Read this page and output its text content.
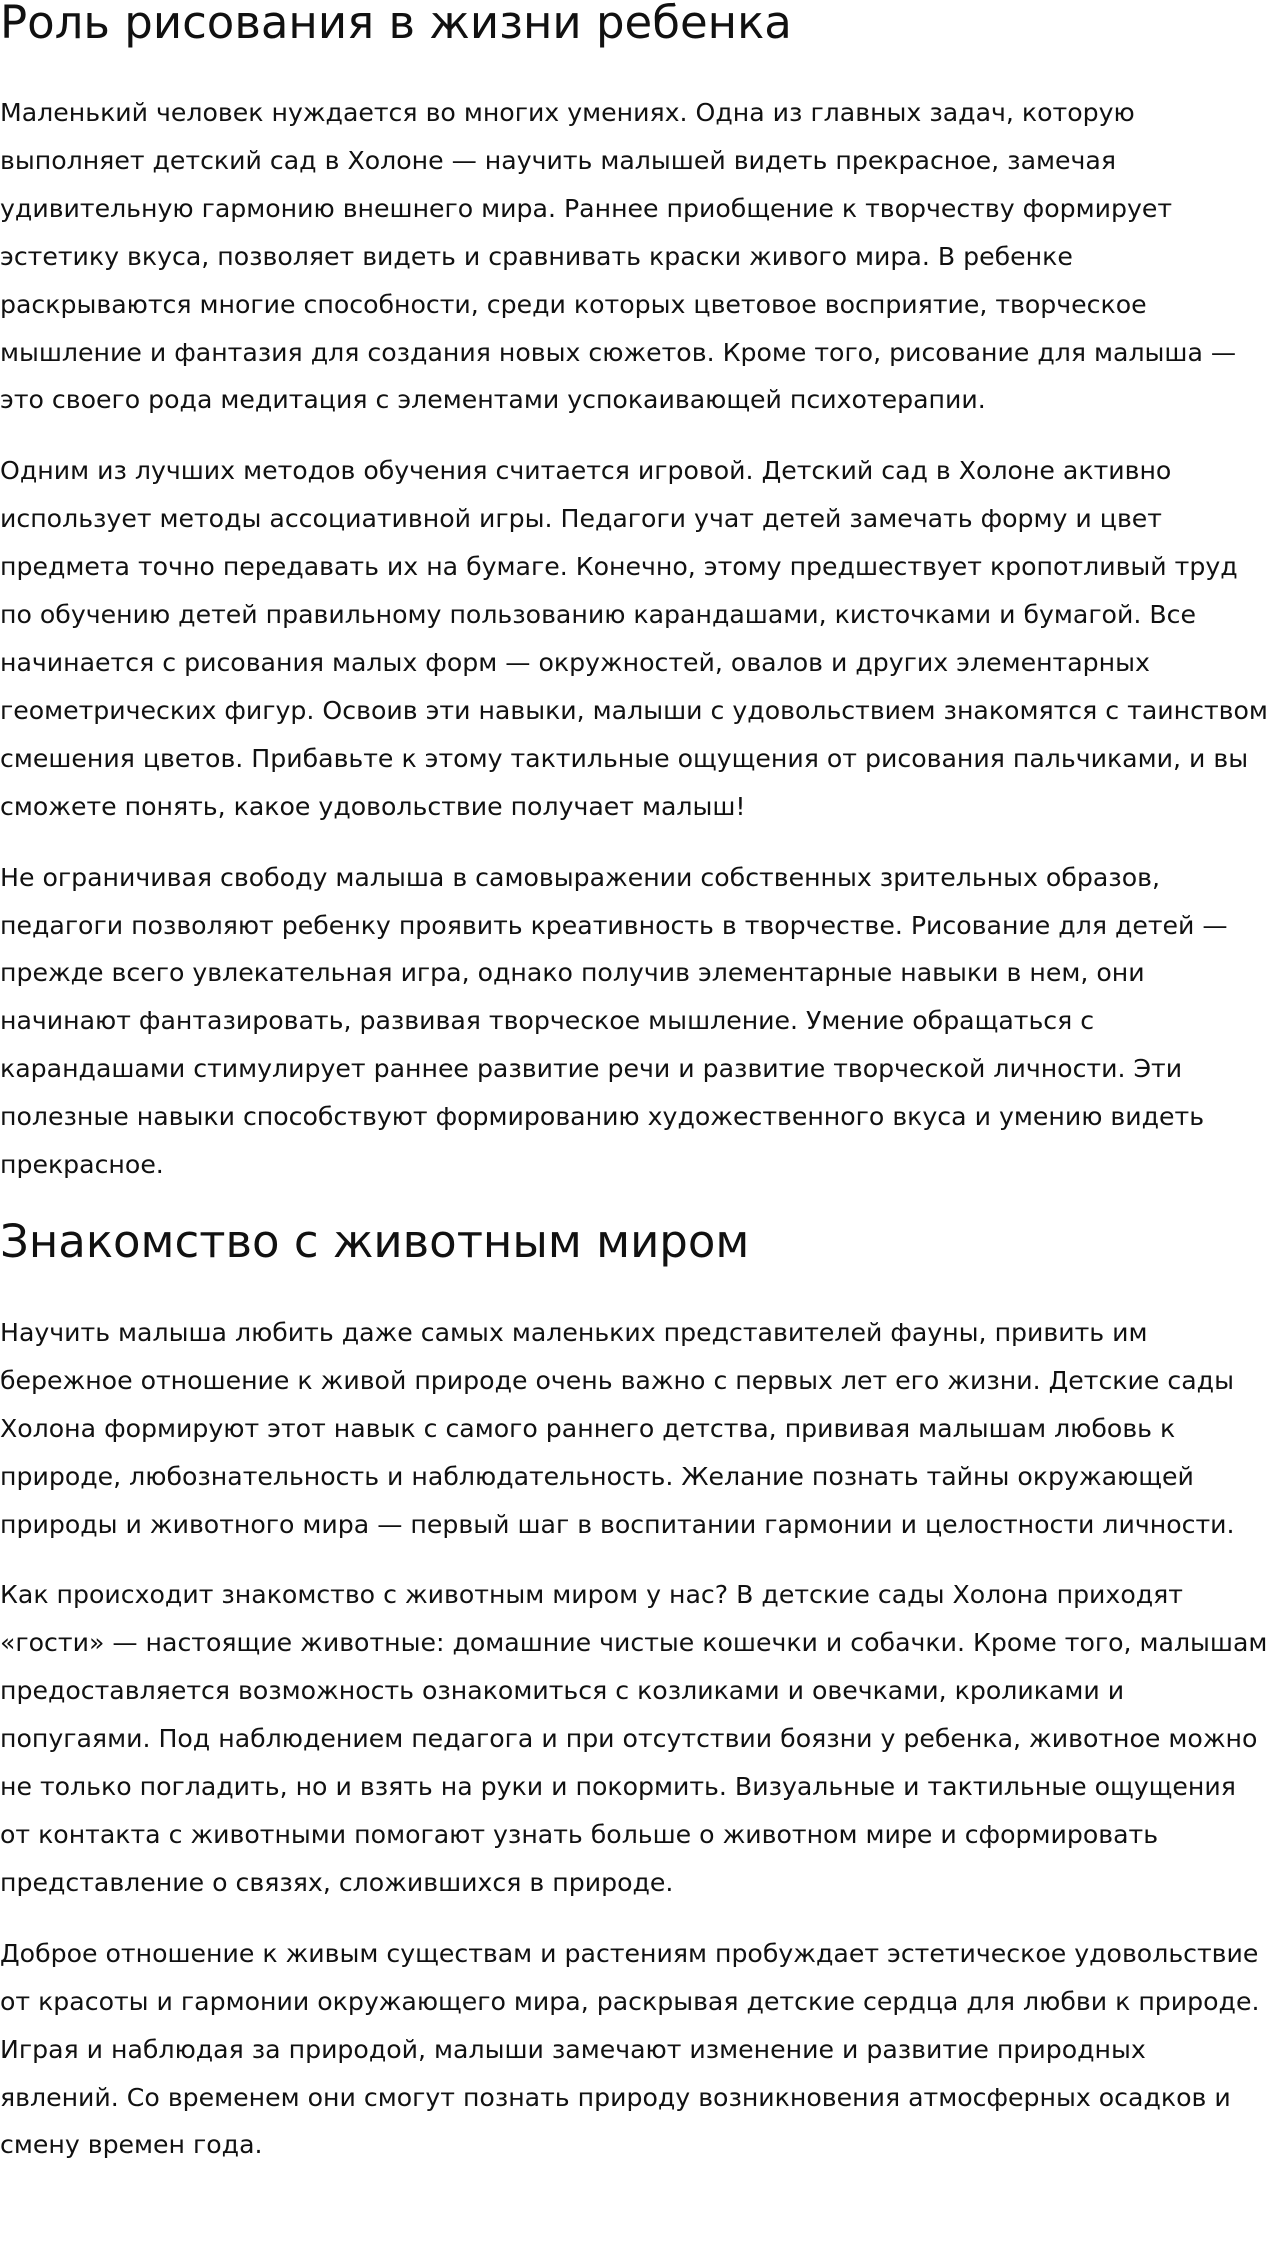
Роль рисования в жизни ребенка

Маленький человек нуждается во многих умениях. Одна из главных задач, которую выполняет детский сад в Холоне — научить малышей видеть прекрасное, замечая удивительную гармонию внешнего мира. Раннее приобщение к творчеству формирует эстетику вкуса, позволяет видеть и сравнивать краски живого мира. В ребенке раскрываются многие способности, среди которых цветовое восприятие, творческое мышление и фантазия для создания новых сюжетов. Кроме того, рисование для малыша — это своего рода медитация с элементами успокаивающей психотерапии.

Одним из лучших методов обучения считается игровой. Детский сад в Холоне активно использует методы ассоциативной игры. Педагоги учат детей замечать форму и цвет предмета точно передавать их на бумаге. Конечно, этому предшествует кропотливый труд по обучению детей правильному пользованию карандашами, кисточками и бумагой. Все начинается с рисования малых форм — окружностей, овалов и других элементарных геометрических фигур. Освоив эти навыки, малыши с удовольствием знакомятся с таинством смешения цветов. Прибавьте к этому тактильные ощущения от рисования пальчиками, и вы сможете понять, какое удовольствие получает малыш!

Не ограничивая свободу малыша в самовыражении собственных зрительных образов, педагоги позволяют ребенку проявить креативность в творчестве. Рисование для детей — прежде всего увлекательная игра, однако получив элементарные навыки в нем, они начинают фантазировать, развивая творческое мышление. Умение обращаться с карандашами стимулирует раннее развитие речи и развитие творческой личности. Эти полезные навыки способствуют формированию художественного вкуса и умению видеть прекрасное.

Знакомство с животным миром

Научить малыша любить даже самых маленьких представителей фауны, привить им бережное отношение к живой природе очень важно с первых лет его жизни. Детские сады Холона формируют этот навык с самого раннего детства, прививая малышам любовь к природе, любознательность и наблюдательность. Желание познать тайны окружающей природы и животного мира — первый шаг в воспитании гармонии и целостности личности.

Как происходит знакомство с животным миром у нас? В детские сады Холона приходят «гости» — настоящие животные: домашние чистые кошечки и собачки. Кроме того, малышам предоставляется возможность ознакомиться с козликами и овечками, кроликами и попугаями. Под наблюдением педагога и при отсутствии боязни у ребенка, животное можно не только погладить, но и взять на руки и покормить. Визуальные и тактильные ощущения от контакта с животными помогают узнать больше о животном мире и сформировать представление о связях, сложившихся в природе.

Доброе отношение к живым существам и растениям пробуждает эстетическое удовольствие от красоты и гармонии окружающего мира, раскрывая детские сердца для любви к природе. Играя и наблюдая за природой, малыши замечают изменение и развитие природных явлений. Со временем они смогут познать природу возникновения атмосферных осадков и смену времен года.
